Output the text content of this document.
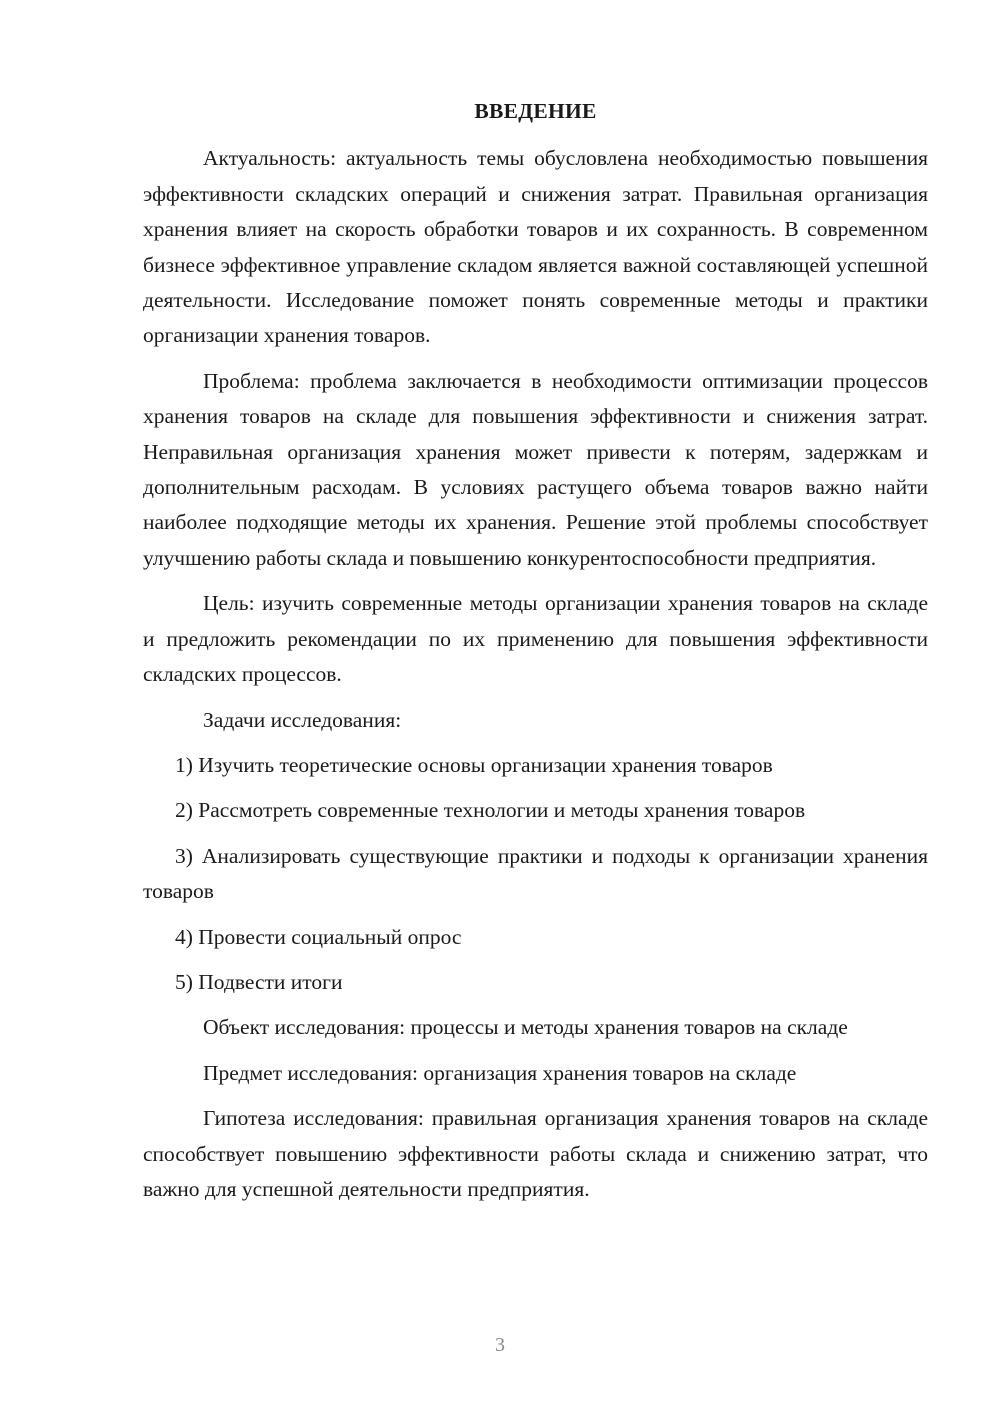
ВВЕДЕНИЕ

Актуальность: актуальность темы обусловлена необходимостью повышения эффективности складских операций и снижения затрат. Правильная организация хранения влияет на скорость обработки товаров и их сохранность. В современном бизнесе эффективное управление складом является важной составляющей успешной деятельности. Исследование поможет понять современные методы и практики организации хранения товаров.

Проблема: проблема заключается в необходимости оптимизации процессов хранения товаров на складе для повышения эффективности и снижения затрат. Неправильная организация хранения может привести к потерям, задержкам и дополнительным расходам. В условиях растущего объема товаров важно найти наиболее подходящие методы их хранения. Решение этой проблемы способствует улучшению работы склада и повышению конкурентоспособности предприятия.

Цель: изучить современные методы организации хранения товаров на складе и предложить рекомендации по их применению для повышения эффективности складских процессов.

Задачи исследования:

1) Изучить теоретические основы организации хранения товаров

2) Рассмотреть современные технологии и методы хранения товаров

3) Анализировать существующие практики и подходы к организации хранения товаров

4) Провести социальный опрос

5) Подвести итоги

Объект исследования: процессы и методы хранения товаров на складе

Предмет исследования: организация хранения товаров на складе

Гипотеза исследования: правильная организация хранения товаров на складе способствует повышению эффективности работы склада и снижению затрат, что важно для успешной деятельности предприятия.

3
